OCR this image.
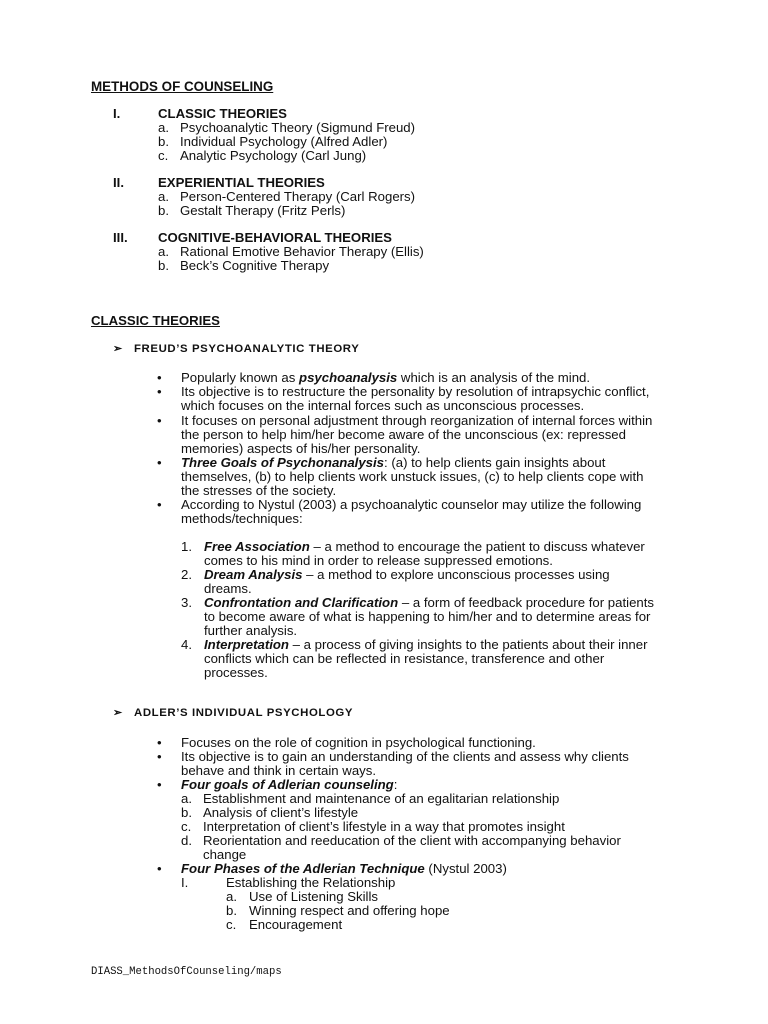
METHODS OF COUNSELING
I.	CLASSIC THEORIES
a. Psychoanalytic Theory (Sigmund Freud)
b. Individual Psychology (Alfred Adler)
c. Analytic Psychology (Carl Jung)
II.	EXPERIENTIAL THEORIES
a. Person-Centered Therapy (Carl Rogers)
b. Gestalt Therapy (Fritz Perls)
III. COGNITIVE-BEHAVIORAL THEORIES
a. Rational Emotive Behavior Therapy (Ellis)
b. Beck’s Cognitive Therapy
CLASSIC THEORIES
➢ FREUD’S PSYCHOANALYTIC THEORY
•	Popularly known as psychoanalysis which is an analysis of the mind.
•	Its objective is to restructure the personality by resolution of intrapsychic conflict,
which focuses on the internal forces such as unconscious processes.
•	It focuses on personal adjustment through reorganization of internal forces within
the person to help him/her become aware of the unconscious (ex: repressed
memories) aspects of his/her personality.
•	Three Goals of Psychonanalysis: (a) to help clients gain insights about
themselves, (b) to help clients work unstuck issues, (c) to help clients cope with
the stresses of the society.
•	According to Nystul (2003) a psychoanalytic counselor may utilize the following
methods/techniques:
1. Free Association – a method to encourage the patient to discuss whatever
comes to his mind in order to release suppressed emotions.
2. Dream Analysis – a method to explore unconscious processes using
dreams.
3. Confrontation and Clarification – a form of feedback procedure for patients
to become aware of what is happening to him/her and to determine areas for
further analysis.
4. Interpretation – a process of giving insights to the patients about their inner
conflicts which can be reflected in resistance, transference and other
processes.
➢ ADLER’S INDIVIDUAL PSYCHOLOGY
•	Focuses on the role of cognition in psychological functioning.
•	Its objective is to gain an understanding of the clients and assess why clients
behave and think in certain ways.
•	Four goals of Adlerian counseling:
a. Establishment and maintenance of an egalitarian relationship
b. Analysis of client’s lifestyle
c. Interpretation of client’s lifestyle in a way that promotes insight
d. Reorientation and reeducation of the client with accompanying behavior
change
•	Four Phases of the Adlerian Technique (Nystul 2003)
I.	Establishing the Relationship
a. Use of Listening Skills
b. Winning respect and offering hope
c. Encouragement
DIASS_MethodsOfCounseling/maps
